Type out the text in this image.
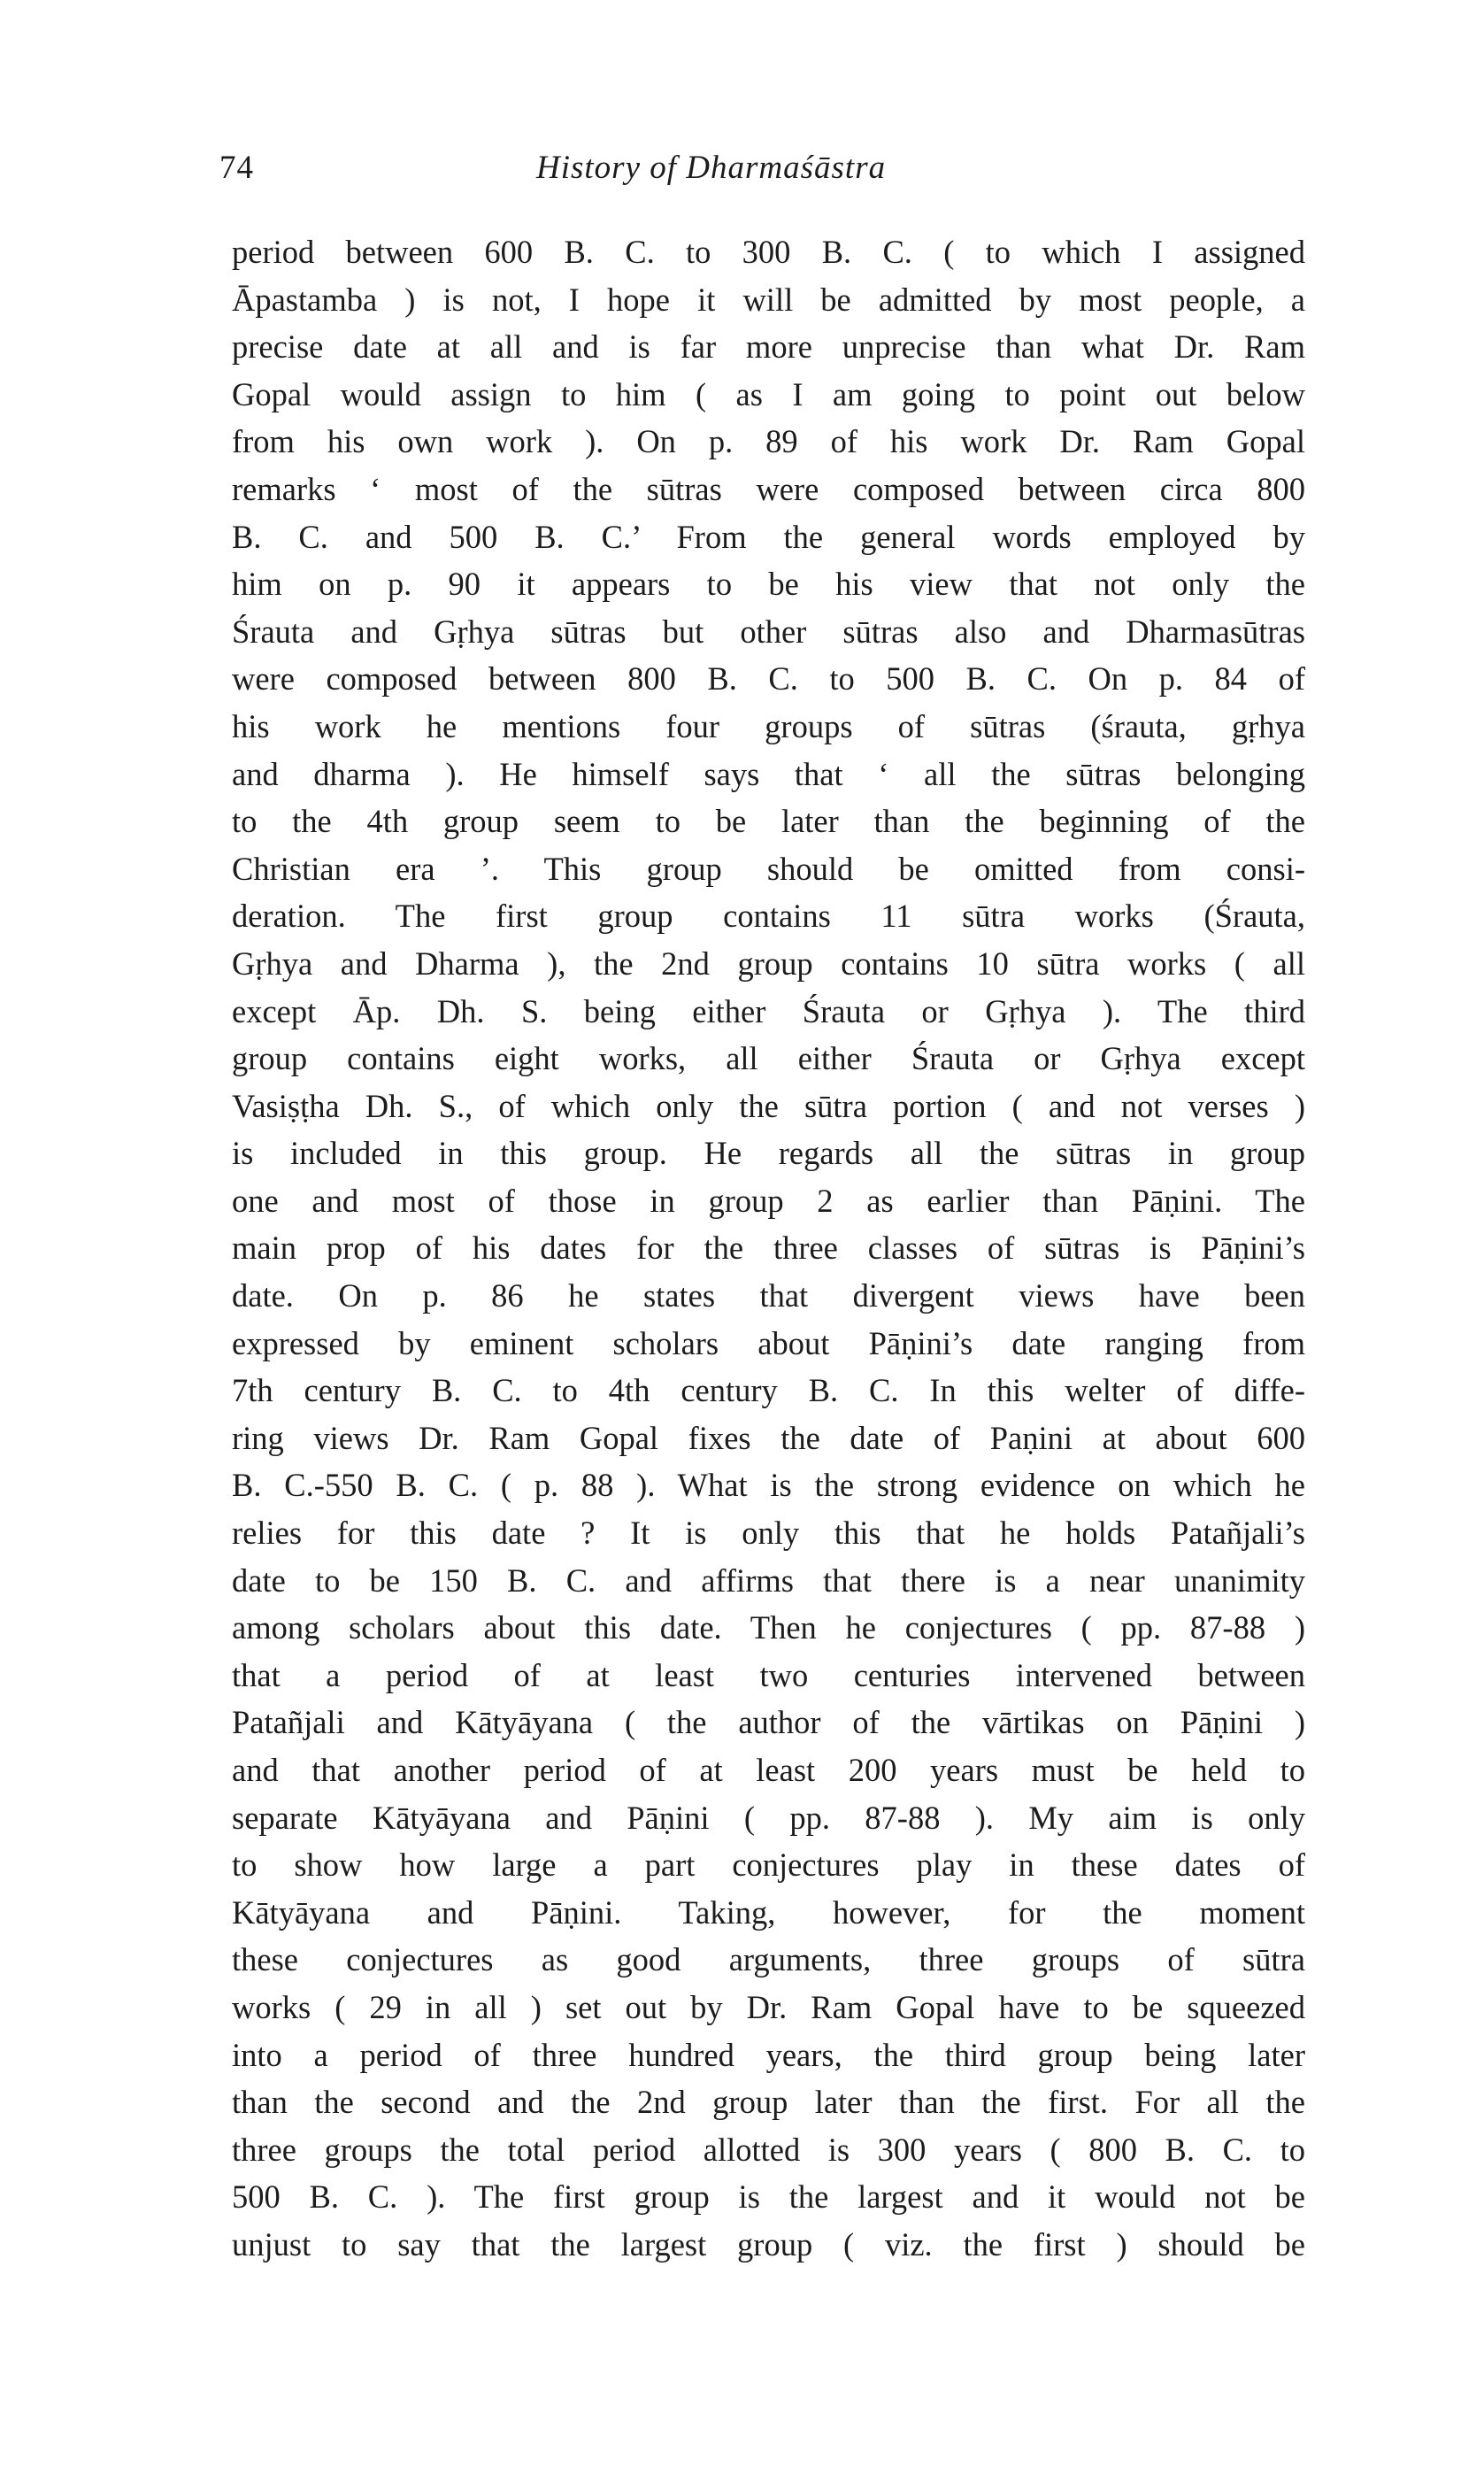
74	History of Dharmaśāstra
period between 600 B. C. to 300 B. C. ( to which I assigned
Āpastamba ) is not, I hope it will be admitted by most people, a
precise date at all and is far more unprecise than what Dr. Ram
Gopal would assign to him ( as I am going to point out below
from his own work ). On p. 89 of his work Dr. Ram Gopal
remarks ‘ most of the sūtras were composed between circa 800
B. C. and 500 B. C.’ From the general words employed by
him on p. 90 it appears to be his view that not only the
Śrauta and Gṛhya sūtras but other sūtras also and Dharmasūtras
were composed between 800 B. C. to 500 B. C. On p. 84 of
his work he mentions four groups of sūtras (śrauta, gṛhya
and dharma ). He himself says that ‘ all the sūtras belonging
to the 4th group seem to be later than the beginning of the
Christian era ’. This group should be omitted from consi-
deration. The first group contains 11 sūtra works (Śrauta,
Gṛhya and Dharma ), the 2nd group contains 10 sūtra works ( all
except Āp. Dh. S. being either Śrauta or Gṛhya ). The third
group contains eight works, all either Śrauta or Gṛhya except
Vasiṣṭha Dh. S., of which only the sūtra portion ( and not verses )
is included in this group. He regards all the sūtras in group
one and most of those in group 2 as earlier than Pāṇini. The
main prop of his dates for the three classes of sūtras is Pāṇini’s
date. On p. 86 he states that divergent views have been
expressed by eminent scholars about Pāṇini’s date ranging from
7th century B. C. to 4th century B. C. In this welter of diffe-
ring views Dr. Ram Gopal fixes the date of Paṇini at about 600
B. C.-550 B. C. ( p. 88 ). What is the strong evidence on which he
relies for this date ? It is only this that he holds Patañjali’s
date to be 150 B. C. and affirms that there is a near unanimity
among scholars about this date. Then he conjectures ( pp. 87-88 )
that a period of at least two centuries intervened between
Patañjali and Kātyāyana ( the author of the vārtikas on Pāṇini )
and that another period of at least 200 years must be held to
separate Kātyāyana and Pāṇini ( pp. 87-88 ). My aim is only
to show how large a part conjectures play in these dates of
Kātyāyana and Pāṇini. Taking, however, for the moment
these conjectures as good arguments, three groups of sūtra
works ( 29 in all ) set out by Dr. Ram Gopal have to be squeezed
into a period of three hundred years, the third group being later
than the second and the 2nd group later than the first. For all the
three groups the total period allotted is 300 years ( 800 B. C. to
500 B. C. ). The first group is the largest and it would not be
unjust to say that the largest group ( viz. the first ) should be
